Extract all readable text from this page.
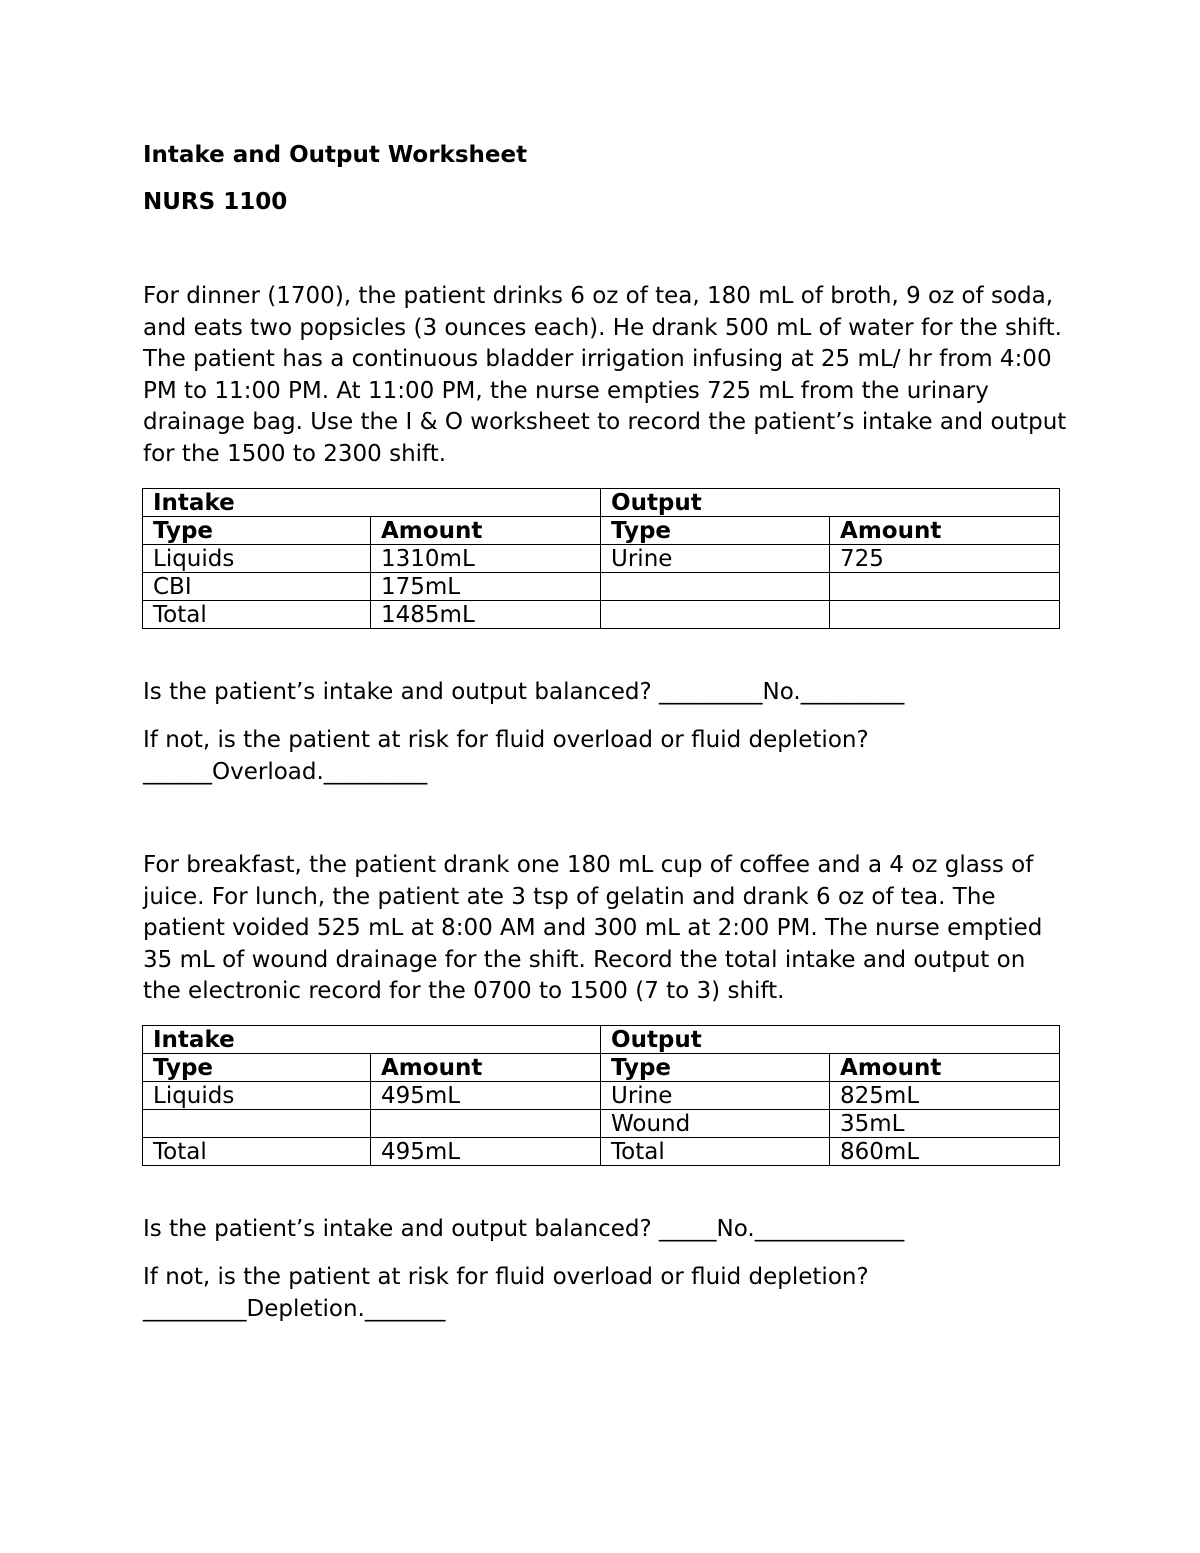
Intake and Output Worksheet
NURS 1100

For dinner (1700), the patient drinks 6 oz of tea, 180 mL of broth, 9 oz of soda, and eats two popsicles (3 ounces each). He drank 500 mL of water for the shift. The patient has a continuous bladder irrigation infusing at 25 mL/ hr from 4:00 PM to 11:00 PM. At 11:00 PM, the nurse empties 725 mL from the urinary drainage bag. Use the I & O worksheet to record the patient’s intake and output for the 1500 to 2300 shift.

Intake		Output	
Type	Amount	Type	Amount
Liquids	1310mL	Urine	725
CBI	175mL		
Total	1485mL		

Is the patient’s intake and output balanced? _________No._________

If not, is the patient at risk for fluid overload or fluid depletion?
______Overload._________

For breakfast, the patient drank one 180 mL cup of coffee and a 4 oz glass of juice. For lunch, the patient ate 3 tsp of gelatin and drank 6 oz of tea. The patient voided 525 mL at 8:00 AM and 300 mL at 2:00 PM. The nurse emptied 35 mL of wound drainage for the shift. Record the total intake and output on the electronic record for the 0700 to 1500 (7 to 3) shift.

Intake		Output	
Type	Amount	Type	Amount
Liquids	495mL	Urine	825mL
		Wound	35mL
Total	495mL	Total	860mL

Is the patient’s intake and output balanced? _____No._____________

If not, is the patient at risk for fluid overload or fluid depletion?
_________Depletion._______
